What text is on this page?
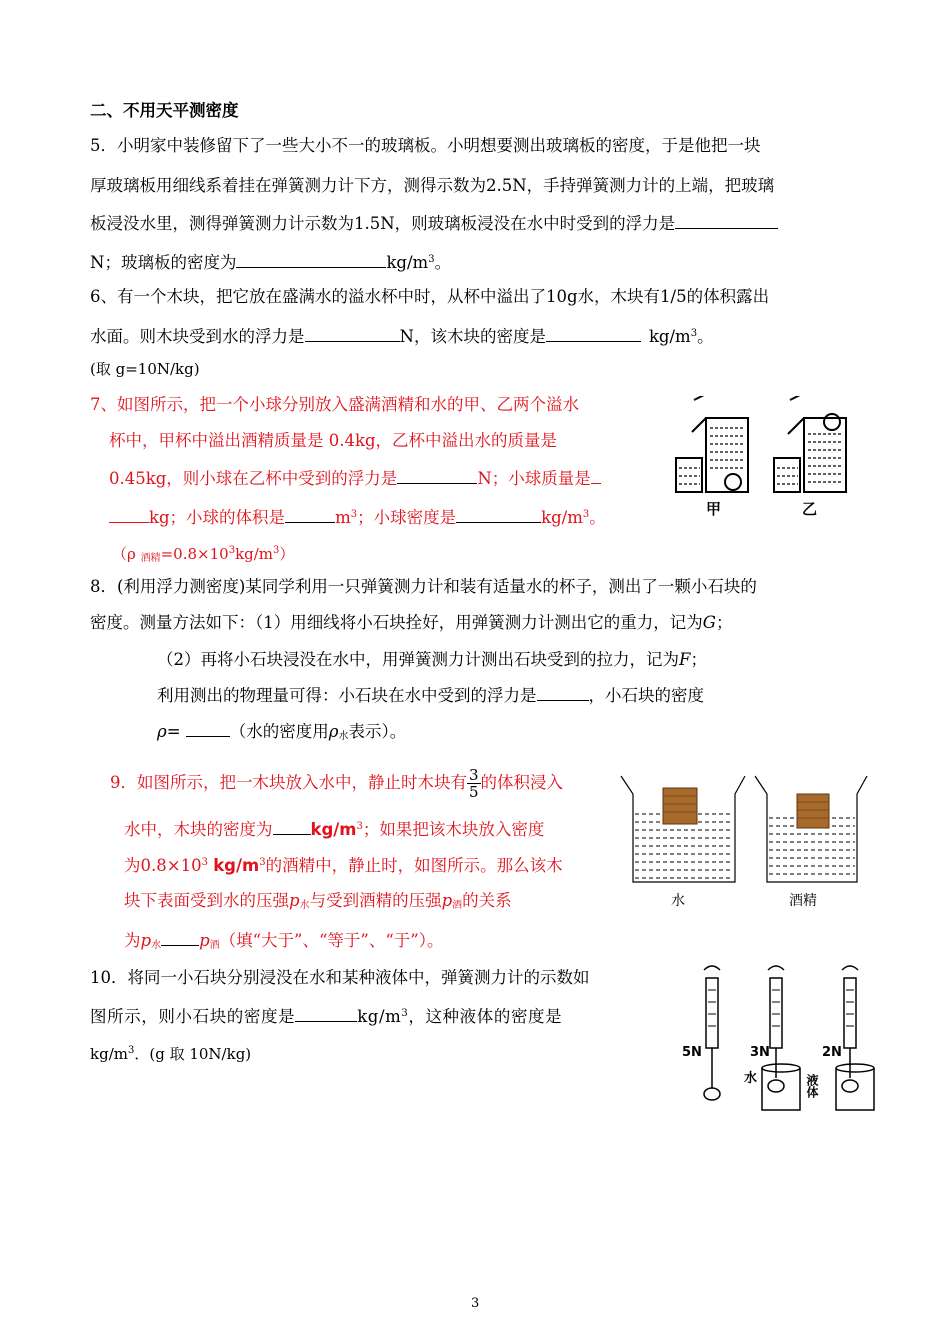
二、不用天平测密度
5．小明家中装修留下了一些大小不一的玻璃板。小明想要测出玻璃板的密度，于是他把一块
厚玻璃板用细线系着挂在弹簧测力计下方，测得示数为2.5N，手持弹簧测力计的上端，把玻璃
板浸没水里，测得弹簧测力计示数为1.5N，则玻璃板浸没在水中时受到的浮力是
N；玻璃板的密度为	$kg/m^3$。
6、有一个木块，把它放在盛满水的溢水杯中时，从杯中溢出了10g水，木块有1/5的体积露出
水面。则木块受到水的浮力是	N，该木块的密度是	$kg/m^3$。
(取 g=10N/kg)
7、如图所示，把一个小球分别放入盛满酒精和水的甲、乙两个溢水
杯中，甲杯中溢出酒精质量是 0.4kg，乙杯中溢出水的质量是
0.45kg，则小球在乙杯中受到的浮力是	N；小球质量是
kg；小球的体积是	$m^3$；小球密度是	$kg/m^3$。
（ρ $_{酒精}=0.8\times 10^3kg/m^3$）
甲	乙
8．(利用浮力测密度)某同学利用一只弹簧测力计和装有适量水的杯子，测出了一颗小石块的
密度。测量方法如下：（1）用细线将小石块拴好，用弹簧测力计测出它的重力，记为G；
（2）再将小石块浸没在水中，用弹簧测力计测出石块受到的拉力，记为F；
利用测出的物理量可得：小石块在水中受到的浮力是	，小石块的密度
ρ=	（水的密度用$\rho_水$表示）。
9．如图所示，把一木块放入水中，静止时木块有 $\frac{3}{5}$ 的体积浸入
水中，木块的密度为 $kg/m^3$；如果把该木块放入密度
为$0.8\times 10^3$ $kg/m^3$的酒精中，静止时，如图所示。那么该木
块下表面受到水的压强$p_水$与受到酒精的压强$p_酒$的关系
为$p_水$ $p_酒$（填“大于”、“等于”、“于”）。
水	酒精
10．将同一小石块分别浸没在水和某种液体中，弹簧测力计的示数如
图所示，则小石块的密度是	$kg/m^3$，这种液体的密度是
$kg/m^3$．(g 取 10N/kg)	5N	3N	2N
水	液体
3
